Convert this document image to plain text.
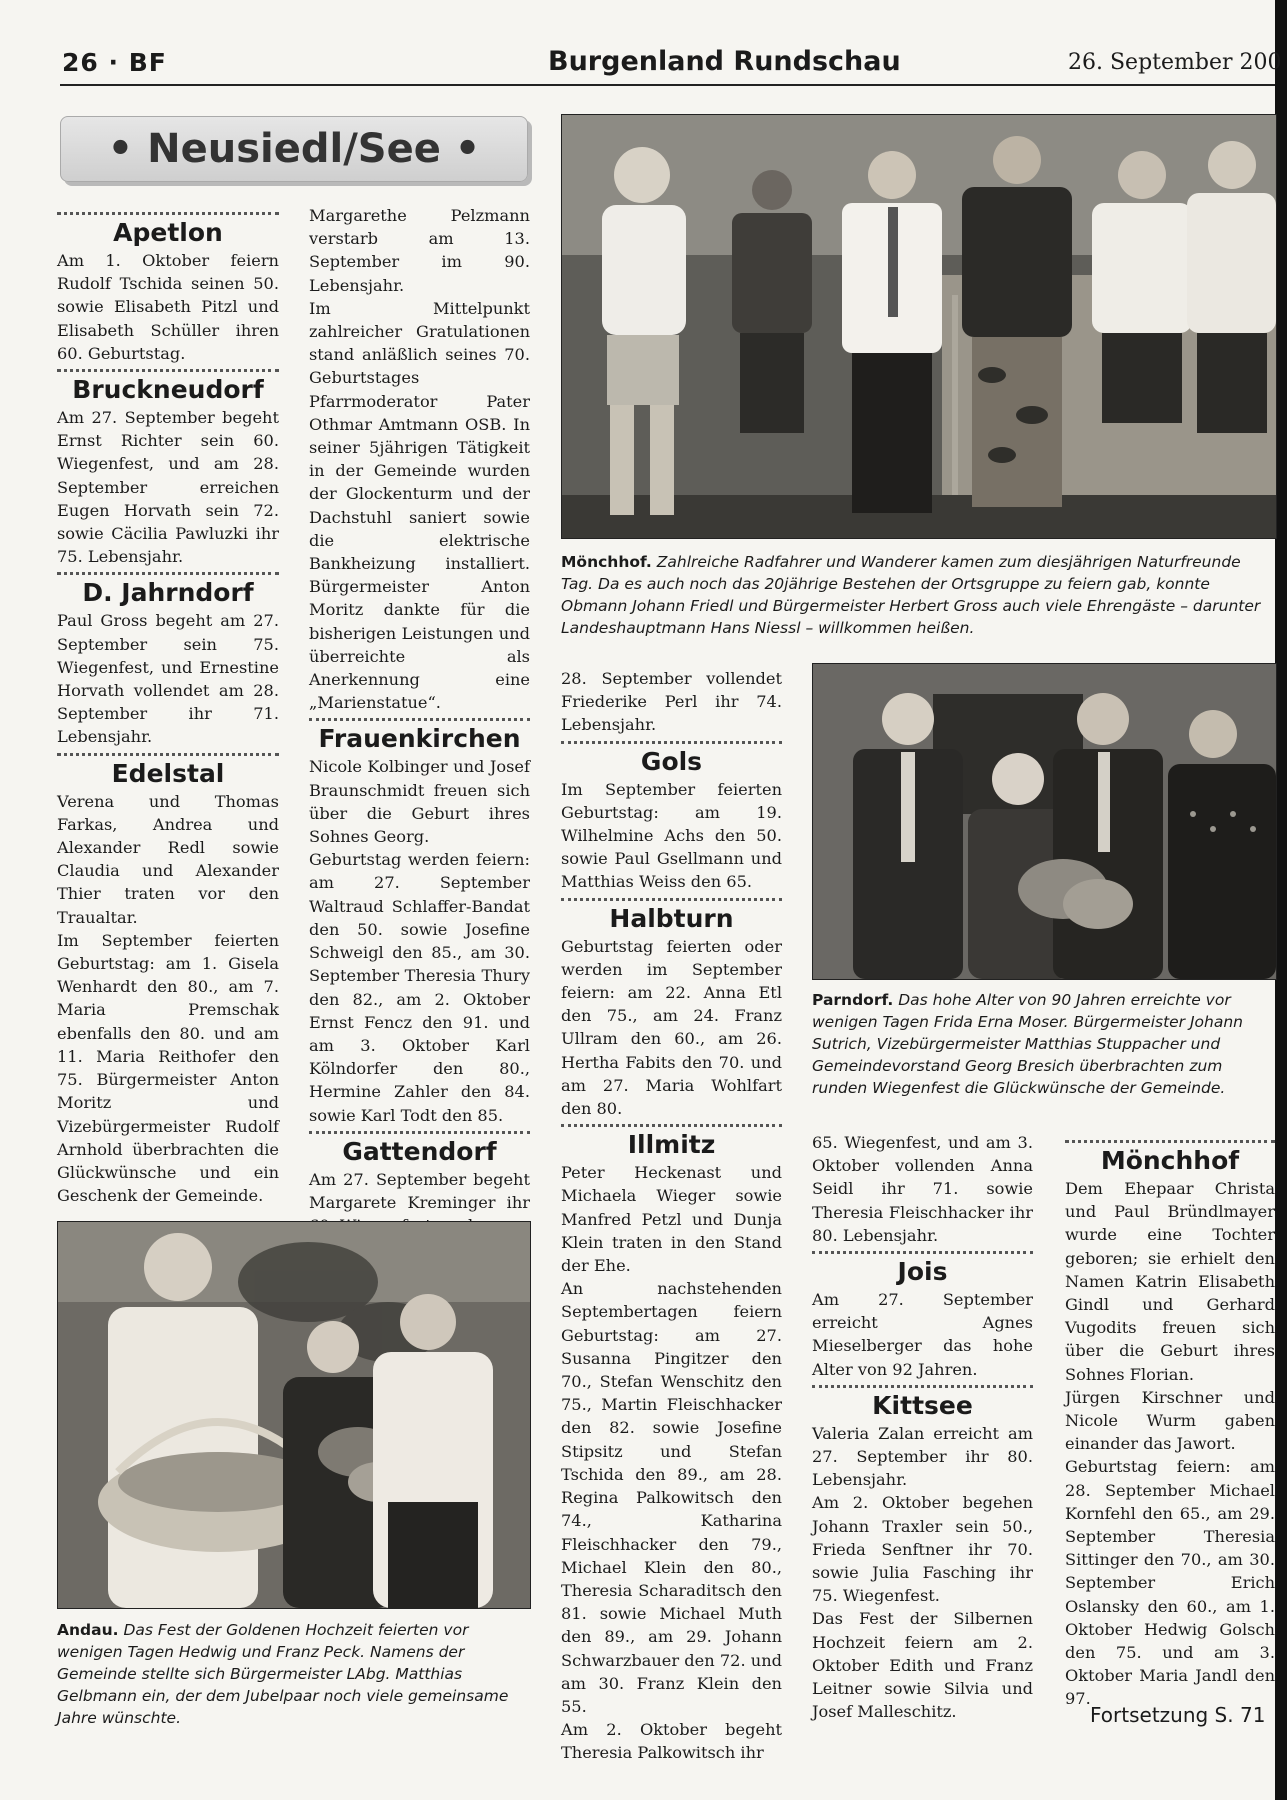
26 · BF	Burgenland Rundschau	26. September 200
• Neusiedl/See •
Apetlon

Am 1. Oktober feiern Rudolf Tschida seinen 50. sowie Elisabeth Pitzl und Elisabeth Schüller ihren 60. Geburtstag.

Bruckneudorf

Am 27. September begeht Ernst Richter sein 60. Wiegenfest, und am 28. September erreichen Eugen Horvath sein 72. sowie Cäcilia Pawluzki ihr 75. Lebensjahr.

D. Jahrndorf

Paul Gross begeht am 27. September sein 75. Wiegenfest, und Ernestine Horvath vollendet am 28. September ihr 71. Lebensjahr.

Edelstal

Verena und Thomas Farkas, Andrea und Alexander Redl sowie Claudia und Alexander Thier traten vor den Traualtar.

Im September feierten Geburtstag: am 1. Gisela Wenhardt den 80., am 7. Maria Premschak ebenfalls den 80. und am 11. Maria Reithofer den 75. Bürgermeister Anton Moritz und Vizebürgermeister Rudolf Arnhold überbrachten die Glückwünsche und ein Geschenk der Gemeinde.

Margarethe Pelzmann verstarb am 13. September im 90. Lebensjahr.

Im Mittelpunkt zahlreicher Gratulationen stand anläßlich seines 70. Geburtstages Pfarrmoderator Pater Othmar Amtmann OSB. In seiner 5jährigen Tätigkeit in der Gemeinde wurden der Glockenturm und der Dachstuhl saniert sowie die elektrische Bankheizung installiert. Bürgermeister Anton Moritz dankte für die bisherigen Leistungen und überreichte als Anerkennung eine „Marienstatue“.

Frauenkirchen

Nicole Kolbinger und Josef Braunschmidt freuen sich über die Geburt ihres Sohnes Georg.

Geburtstag werden feiern: am 27. September Waltraud Schlaffer-Bandat den 50. sowie Josefine Schweigl den 85., am 30. September Theresia Thury den 82., am 2. Oktober Ernst Fencz den 91. und am 3. Oktober Karl Kölndorfer den 80., Hermine Zahler den 84. sowie Karl Todt den 85.

Gattendorf

Am 27. September begeht Margarete Kreminger ihr

Mönchhof. Zahlreiche Radfahrer und Wanderer kamen zum diesjährigen Naturfreunde Tag. Da es auch noch das 20jährige Bestehen der Ortsgruppe zu feiern gab, konnte Obmann Johann Friedl und Bürgermeister Herbert Gross auch viele Ehrengäste – darunter Landeshauptmann Hans Niessl – willkommen heißen.

28. September vollendet Friederike Perl ihr 74. Lebensjahr.

Gols

Im September feierten Geburtstag: am 19. Wilhelmine Achs den 50. sowie Paul Gsellmann und Matthias Weiss den 65.

Halbturn

Geburtstag feierten oder werden im September feiern: am 22. Anna Etl den 75., am 24. Franz Ullram den 60., am 26. Hertha Fabits den 70. und am 27. Maria Wohlfart den 80.

Illmitz

Peter Heckenast und Michaela Wieger sowie Manfred Petzl und Dunja Klein traten in den Stand der Ehe.

An nachstehenden Septembertagen feiern Geburtstag: am 27. Susanna Pingitzer den 70., Stefan Wenschitz den 75., Martin Fleischhacker den 82. sowie Josefine Stipsitz und Stefan Tschida den 89., am 28. Regina Palkowitsch den 74., Katharina Fleischhacker den 79., Michael Klein den 80., Theresia Scharaditsch den 81. sowie Michael Muth den 89., am 29. Johann Schwarzbauer den 72. und am 30. Franz Klein den 55.

Am 2. Oktober begeht Theresia Palkowitsch ihr

Parndorf. Das hohe Alter von 90 Jahren erreichte vor wenigen Tagen Frida Erna Moser. Bürgermeister Johann Sutrich, Vizebürgermeister Matthias Stuppacher und Gemeindevorstand Georg Bresich überbrachten zum runden Wiegenfest die Glückwünsche der Gemeinde.

65. Wiegenfest, und am 3. Oktober vollenden Anna Seidl ihr 71. sowie Theresia Fleischhacker ihr 80. Lebensjahr.

Jois

Am 27. September erreicht Agnes Mieselberger das hohe Alter von 92 Jahren.

Kittsee

Valeria Zalan erreicht am 27. September ihr 80. Lebensjahr.

Am 2. Oktober begehen Johann Traxler sein 50., Frieda Senftner ihr 70. sowie Julia Fasching ihr 75. Wiegenfest.

Das Fest der Silbernen Hochzeit feiern am 2. Oktober Edith und Franz Leitner sowie Silvia und Josef Malleschitz.

Mönchhof

Dem Ehepaar Christa und Paul Bründlmayer wurde eine Tochter geboren; sie erhielt den Namen Katrin Elisabeth Gindl und Gerhard Vugodits freuen sich über die Geburt ihres Sohnes Florian.

Jürgen Kirschner und Nicole Wurm gaben einander das Jawort.

Geburtstag feiern: am 28. September Michael Kornfehl den 65., am 29. September Theresia Sittinger den 70., am 30. September Erich Oslansky den 60., am 1. Oktober Hedwig Golsch den 75. und am 3. Oktober Maria Jandl den 97.

Andau. Das Fest der Goldenen Hochzeit feierten vor wenigen Tagen Hedwig und Franz Peck. Namens der Gemeinde stellte sich Bürgermeister LAbg. Matthias Gelbmann ein, der dem Jubelpaar noch viele gemeinsame Jahre wünschte.	Fortsetzung S. 71
